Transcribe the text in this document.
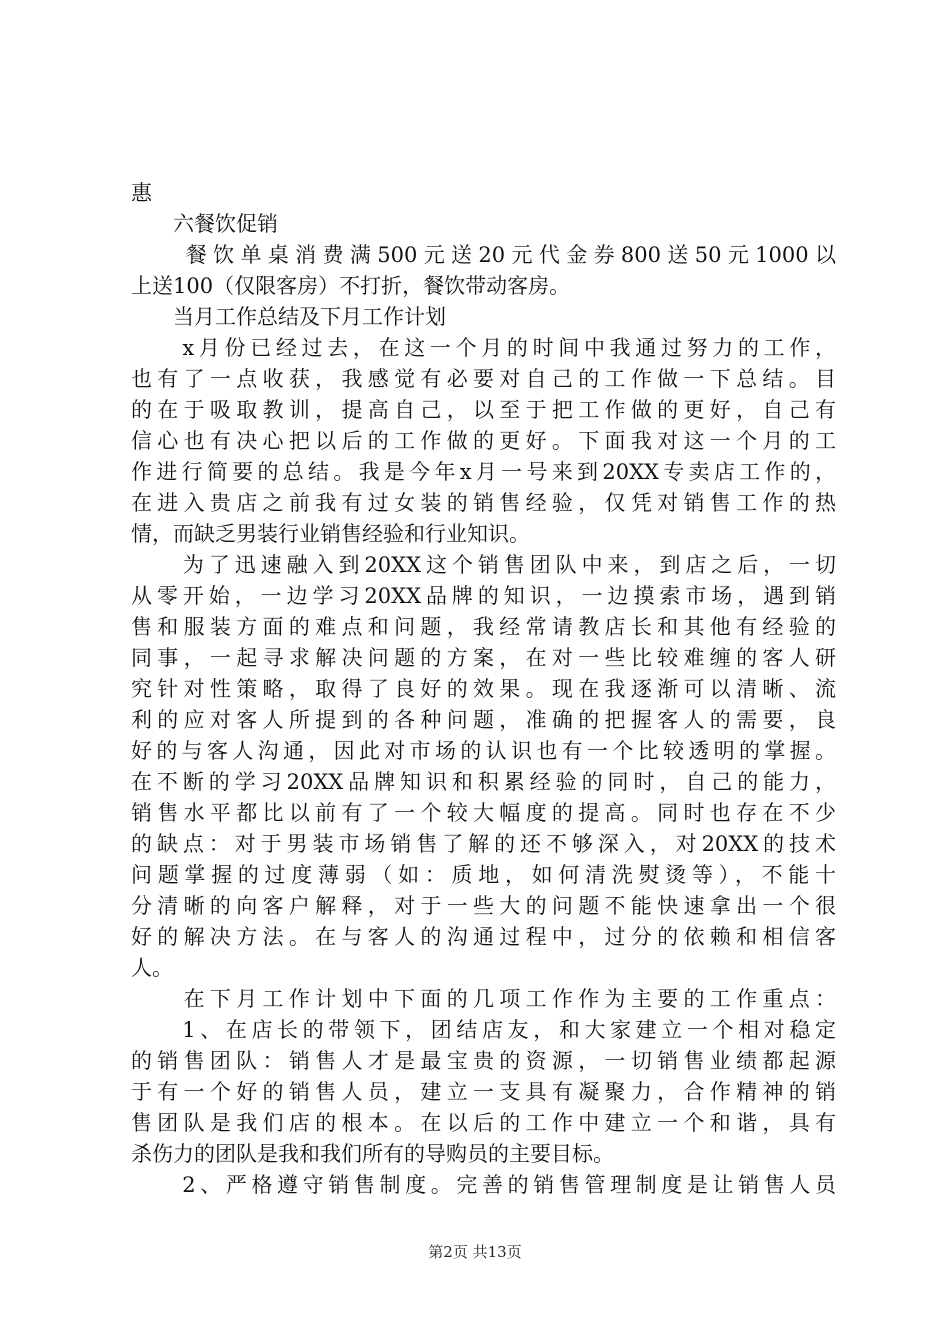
惠
　　六餐饮促销
　　餐饮单桌消费满500元送20元代金券800送50元1000以
上送100（仅限客房）不打折，餐饮带动客房。
　　当月工作总结及下月工作计划
　　x月份已经过去，在这一个月的时间中我通过努力的工作，
也有了一点收获，我感觉有必要对自己的工作做一下总结。目
的在于吸取教训，提高自己，以至于把工作做的更好，自己有
信心也有决心把以后的工作做的更好。下面我对这一个月的工
作进行简要的总结。我是今年x月一号来到20XX专卖店工作的，
在进入贵店之前我有过女装的销售经验，仅凭对销售工作的热
情，而缺乏男装行业销售经验和行业知识。
　　为了迅速融入到20XX这个销售团队中来，到店之后，一切
从零开始，一边学习20XX品牌的知识，一边摸索市场，遇到销
售和服装方面的难点和问题，我经常请教店长和其他有经验的
同事，一起寻求解决问题的方案，在对一些比较难缠的客人研
究针对性策略，取得了良好的效果。现在我逐渐可以清晰、流
利的应对客人所提到的各种问题，准确的把握客人的需要，良
好的与客人沟通，因此对市场的认识也有一个比较透明的掌握。
在不断的学习20XX品牌知识和积累经验的同时，自己的能力，
销售水平都比以前有了一个较大幅度的提高。同时也存在不少
的缺点：对于男装市场销售了解的还不够深入，对20XX的技术
问题掌握的过度薄弱（如：质地，如何清洗熨烫等），不能十
分清晰的向客户解释，对于一些大的问题不能快速拿出一个很
好的解决方法。在与客人的沟通过程中，过分的依赖和相信客
人。
　　在下月工作计划中下面的几项工作作为主要的工作重点：
　　1、在店长的带领下，团结店友，和大家建立一个相对稳定
的销售团队：销售人才是最宝贵的资源，一切销售业绩都起源
于有一个好的销售人员，建立一支具有凝聚力，合作精神的销
售团队是我们店的根本。在以后的工作中建立一个和谐，具有
杀伤力的团队是我和我们所有的导购员的主要目标。
　　2、严格遵守销售制度。完善的销售管理制度是让销售人员
第2页 共13页
